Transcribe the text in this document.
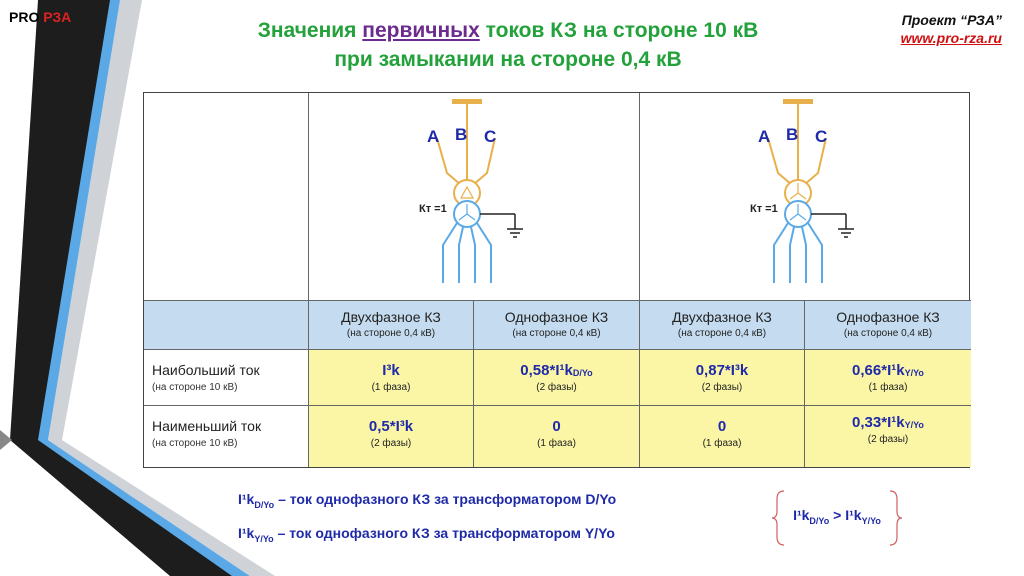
PRO РЗА	Проект “РЗА”
www.pro-rza.ru
Значения первичных токов КЗ на стороне 10 кВ
при замыкании на стороне 0,4 кВ
A B C
Кт =1
A B C
Кт =1
Двухфазное КЗ
(на стороне 0,4 кВ)
Однофазное КЗ
(на стороне 0,4 кВ)
Двухфазное КЗ
(на стороне 0,4 кВ)
Однофазное КЗ
(на стороне 0,4 кВ)
Наибольший ток
(на стороне 10 кВ)
I³k
(1 фаза)
$0,58*I^1k_{D/Yo}$
(2 фазы)
0,87*I³k
(2 фазы)
$0,66*I^1k_{Y/Yo}$
(1 фаза)
Наименьший ток
(на стороне 10 кВ)
0,5*I³k
(2 фазы)
0
(1 фаза)
0
(1 фаза)
$0,33*I^1k_{Y/Yo}$
(2 фазы)
$I^1k_{D/Yo}$ – ток однофазного КЗ за трансформатором D/Yo
$I^1k_{Y/Yo}$ – ток однофазного КЗ за трансформатором Y/Yo
$I^1k_{D/Yo} > I^1k_{Y/Yo}$
